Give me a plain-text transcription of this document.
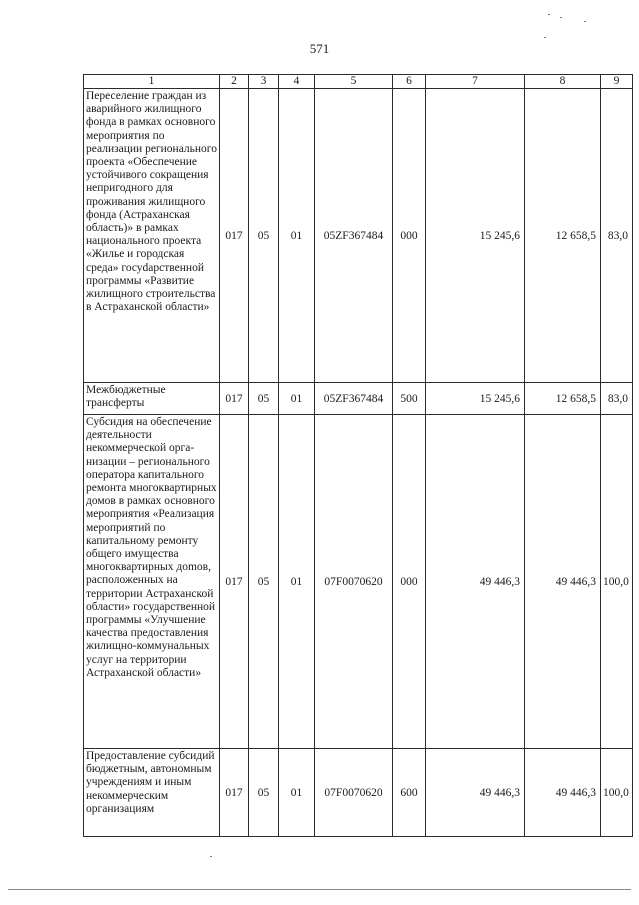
571
1	2	3	4	5	6	7	8	9
Переселение граждан из аварийного жилищного фонда в рамках основного мероприятия по реализации регионального проекта «Обеспечение устойчивого сокращения непригодного для проживания жилищного фонда (Астраханская область)» в рамках национального проекта «Жилье и городская среда» госуdарственной программы «Развитие жилищного строительства в Астраханской области»	017	05	01	05ZF367484	000	15 245,6	12 658,5	83,0
Межбюджетные трансферты	017	05	01	05ZF367484	500	15 245,6	12 658,5	83,0
Субсидия на обеспечение деятельности некоммерческой организации – регионального оператора капитального ремонта многоквартирных домов в рамках основного мероприятия «Реализация мероприятий по капитальному ремонту общего имущества многоквартирных доmов, расположенных на территории Астраханской области» государственной программы «Улучшение качества предоставления жилищно-коммунальных услуг на территории Астраханской области»	017	05	01	07F0070620	000	49 446,3	49 446,3	100,0
Предоставление субсидий бюджетным, автономным учреждениям и иным некоммерческим организациям	017	05	01	07F0070620	600	49 446,3	49 446,3	100,0
